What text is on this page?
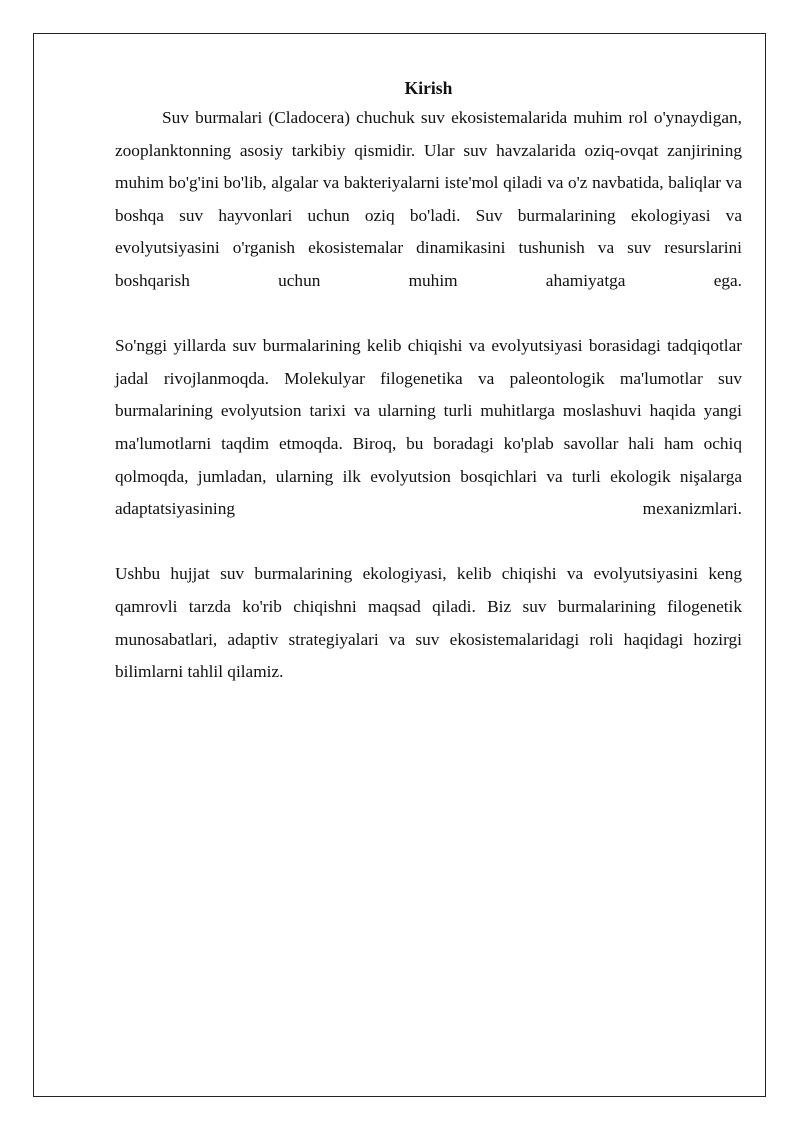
Kirish

Suv burmalari (Cladocera) chuchuk suv ekosistemalarida muhim rol o'ynaydigan, zooplanktonning asosiy tarkibiy qismidir. Ular suv havzalarida oziq-ovqat zanjirining muhim bo'g'ini bo'lib, algalar va bakteriyalarni iste'mol qiladi va o'z navbatida, baliqlar va boshqa suv hayvonlari uchun oziq bo'ladi. Suv burmalarining ekologiyasi va evolyutsiyasini o'rganish ekosistemalar dinamikasini tushunish va suv resurslarini boshqarish uchun muhim ahamiyatga ega.

So'nggi yillarda suv burmalarining kelib chiqishi va evolyutsiyasi borasidagi tadqiqotlar jadal rivojlanmoqda. Molekulyar filogenetika va paleontologik ma'lumotlar suv burmalarining evolyutsion tarixi va ularning turli muhitlarga moslashuvi haqida yangi ma'lumotlarni taqdim etmoqda. Biroq, bu boradagi ko'plab savollar hali ham ochiq qolmoqda, jumladan, ularning ilk evolyutsion bosqichlari va turli ekologik nişalarga adaptatsiyasining mexanizmlari.

Ushbu hujjat suv burmalarining ekologiyasi, kelib chiqishi va evolyutsiyasini keng qamrovli tarzda ko'rib chiqishni maqsad qiladi. Biz suv burmalarining filogenetik munosabatlari, adaptiv strategiyalari va suv ekosistemalaridagi roli haqidagi hozirgi bilimlarni tahlil qilamiz.
